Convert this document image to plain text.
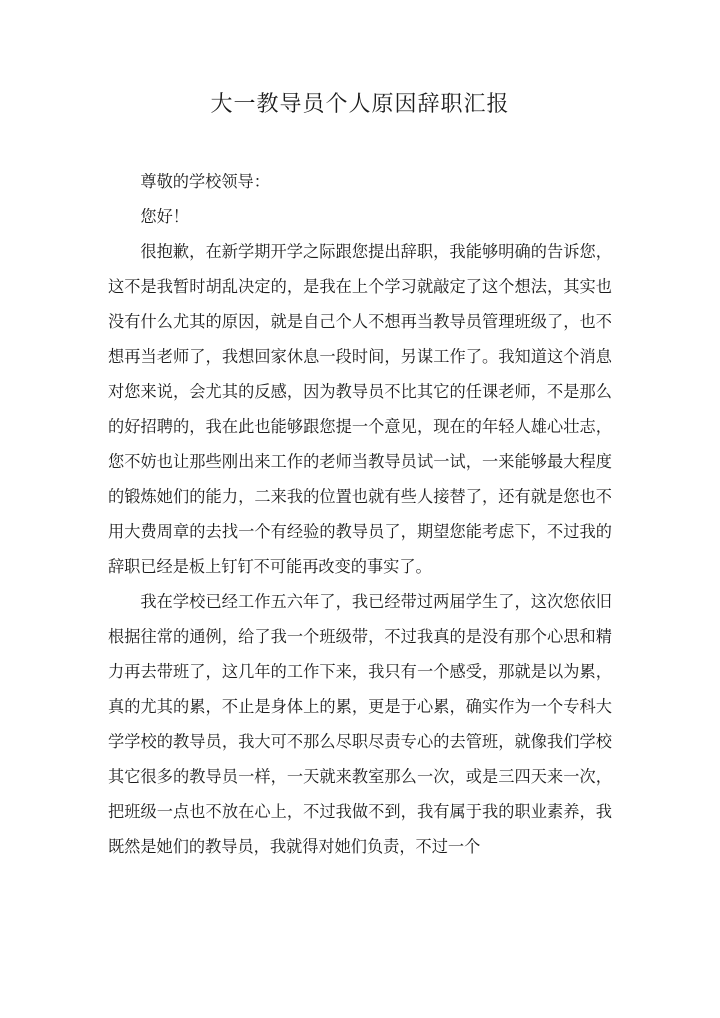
大一教导员个人原因辞职汇报

尊敬的学校领导：

您好！

很抱歉，在新学期开学之际跟您提出辞职，我能够明确的告诉您，这不是我暂时胡乱决定的，是我在上个学习就敲定了这个想法，其实也没有什么尤其的原因，就是自己个人不想再当教导员管理班级了，也不想再当老师了，我想回家休息一段时间，另谋工作了。我知道这个消息对您来说，会尤其的反感，因为教导员不比其它的任课老师，不是那么的好招聘的，我在此也能够跟您提一个意见，现在的年轻人雄心壮志，您不妨也让那些刚出来工作的老师当教导员试一试，一来能够最大程度的锻炼她们的能力，二来我的位置也就有些人接替了，还有就是您也不用大费周章的去找一个有经验的教导员了，期望您能考虑下，不过我的辞职已经是板上钉钉不可能再改变的事实了。

我在学校已经工作五六年了，我已经带过两届学生了，这次您依旧根据往常的通例，给了我一个班级带，不过我真的是没有那个心思和精力再去带班了，这几年的工作下来，我只有一个感受，那就是以为累，真的尤其的累，不止是身体上的累，更是于心累，确实作为一个专科大学学校的教导员，我大可不那么尽职尽责专心的去管班，就像我们学校其它很多的教导员一样，一天就来教室那么一次，或是三四天来一次，把班级一点也不放在心上，不过我做不到，我有属于我的职业素养，我既然是她们的教导员，我就得对她们负责，不过一个
